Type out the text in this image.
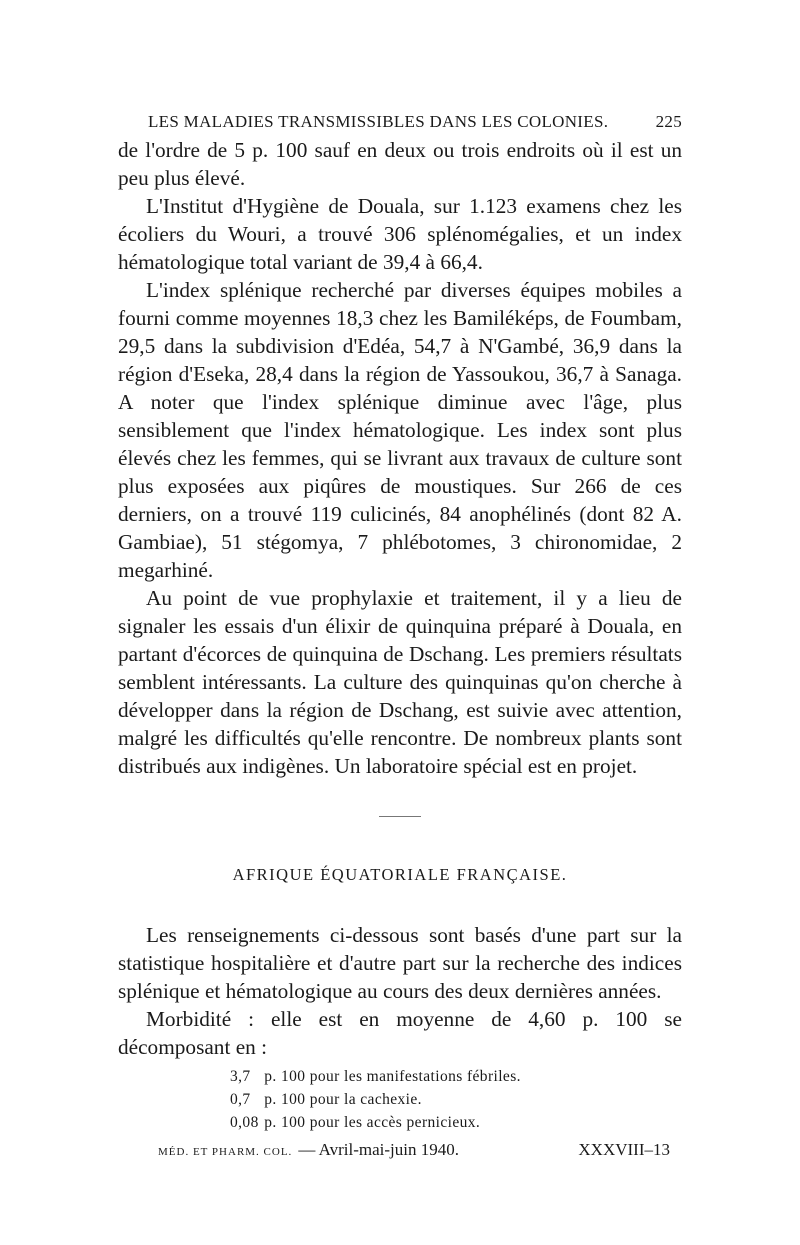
LES MALADIES TRANSMISSIBLES DANS LES COLONIES.	225

de l'ordre de 5 p. 100 sauf en deux ou trois endroits où il est un peu plus élevé.

L'Institut d'Hygiène de Douala, sur 1.123 examens chez les écoliers du Wouri, a trouvé 306 splénomégalies, et un index hématologique total variant de 39,4 à 66,4.

L'index splénique recherché par diverses équipes mobiles a fourni comme moyennes 18,3 chez les Bamiléképs, de Foumbam, 29,5 dans la subdivision d'Edéa, 54,7 à N'Gambé, 36,9 dans la région d'Eseka, 28,4 dans la région de Yassoukou, 36,7 à Sanaga. A noter que l'index splénique diminue avec l'âge, plus sensiblement que l'index hématologique. Les index sont plus élevés chez les femmes, qui se livrant aux travaux de culture sont plus exposées aux piqûres de moustiques. Sur 266 de ces derniers, on a trouvé 119 culicinés, 84 anophélinés (dont 82 A. Gambiae), 51 stégomya, 7 phlébotomes, 3 chironomidae, 2 megarhiné.

Au point de vue prophylaxie et traitement, il y a lieu de signaler les essais d'un élixir de quinquina préparé à Douala, en partant d'écorces de quinquina de Dschang. Les premiers résultats semblent intéressants. La culture des quinquinas qu'on cherche à développer dans la région de Dschang, est suivie avec attention, malgré les difficultés qu'elle rencontre. De nombreux plants sont distribués aux indigènes. Un laboratoire spécial est en projet.

AFRIQUE ÉQUATORIALE FRANÇAISE.

Les renseignements ci-dessous sont basés d'une part sur la statistique hospitalière et d'autre part sur la recherche des indices splénique et hématologique au cours des deux dernières années.

Morbidité : elle est en moyenne de 4,60 p. 100 se décomposant en :

3,7 p. 100 pour les manifestations fébriles.
0,7 p. 100 pour la cachexie.
0,08 p. 100 pour les accès pernicieux.
MÉD. ET PHARM. COL. — Avril-mai-juin 1940.	XXXVIII–13
